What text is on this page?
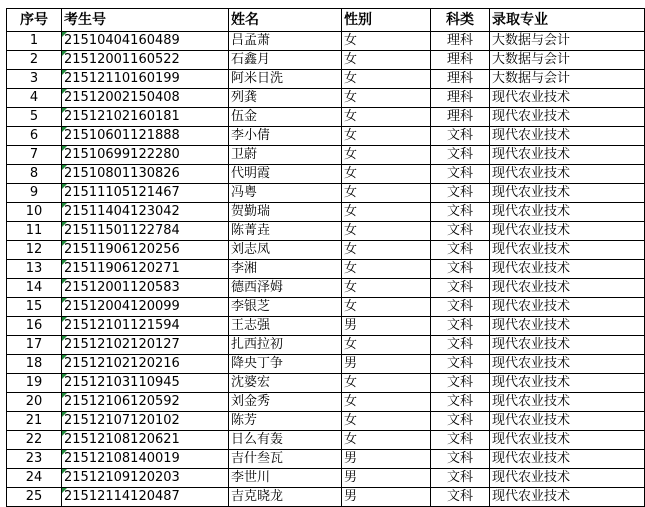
序号	考生号	姓名	性别	科类	录取专业
1	21510404160489	吕孟萧	女	理科	大数据与会计
2	21512001160522	石鑫月	女	理科	大数据与会计
3	21512110160199	阿米日洗	女	理科	大数据与会计
4	21512002150408	列龚	女	理科	现代农业技术
5	21512102160181	伍金	女	理科	现代农业技术
6	21510601121888	李小倩	女	文科	现代农业技术
7	21510699122280	卫蔚	女	文科	现代农业技术
8	21510801130826	代明霞	女	文科	现代农业技术
9	21511105121467	冯粤	女	文科	现代农业技术
10	21511404123042	贺勤瑞	女	文科	现代农业技术
11	21511501122784	陈菁垚	女	文科	现代农业技术
12	21511906120256	刘志凤	女	文科	现代农业技术
13	21511906120271	李湘	女	文科	现代农业技术
14	21512001120583	德西泽姆	女	文科	现代农业技术
15	21512004120099	李银芝	女	文科	现代农业技术
16	21512101121594	王志强	男	文科	现代农业技术
17	21512102120127	扎西拉初	女	文科	现代农业技术
18	21512102120216	降央丁争	男	文科	现代农业技术
19	21512103110945	沈婆宏	女	文科	现代农业技术
20	21512106120592	刘金秀	女	文科	现代农业技术
21	21512107120102	陈芳	女	文科	现代农业技术
22	21512108120621	日么有轰	女	文科	现代农业技术
23	21512108140019	吉什叁瓦	男	文科	现代农业技术
24	21512109120203	李世川	男	文科	现代农业技术
25	21512114120487	吉克晓龙	男	文科	现代农业技术
